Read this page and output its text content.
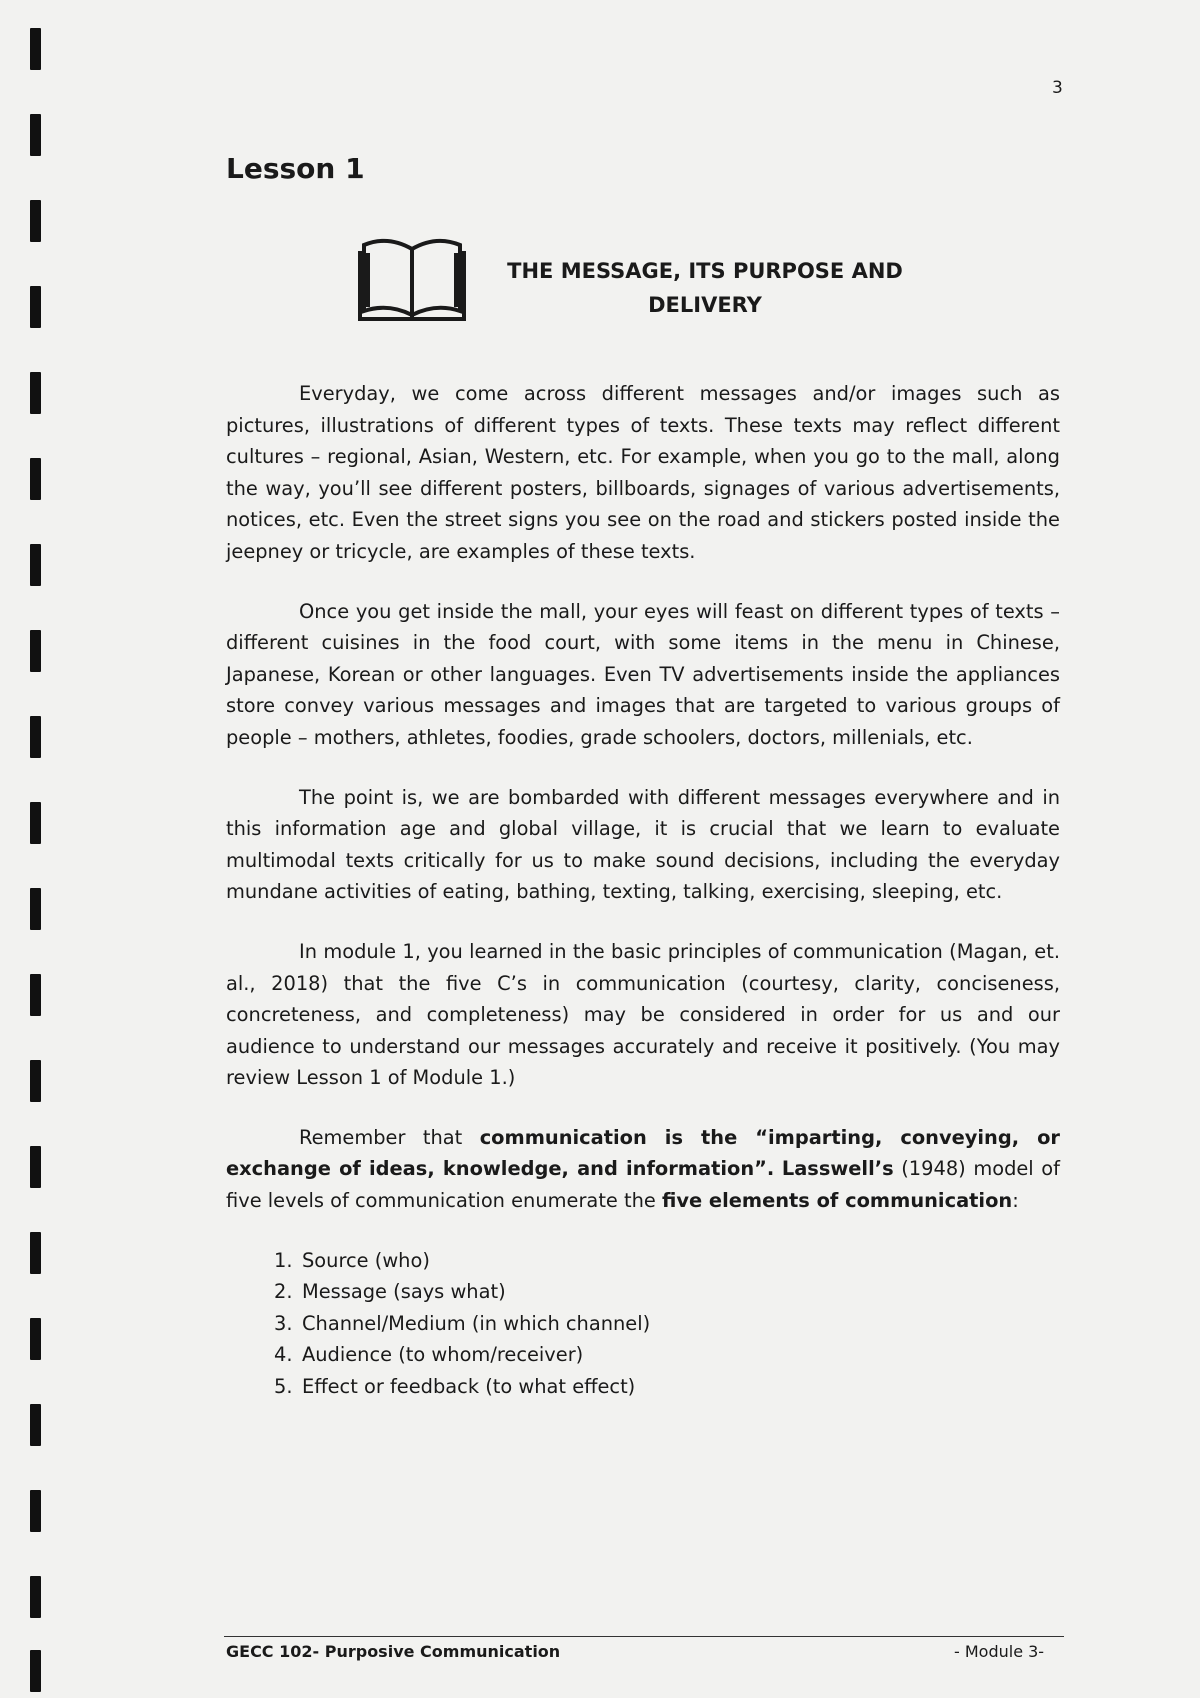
3
Lesson 1
THE MESSAGE, ITS PURPOSE AND
DELIVERY

Everyday, we come across different messages and/or images such as pictures, illustrations of different types of texts. These texts may reflect different cultures – regional, Asian, Western, etc. For example, when you go to the mall, along the way, you’ll see different posters, billboards, signages of various advertisements, notices, etc. Even the street signs you see on the road and stickers posted inside the jeepney or tricycle, are examples of these texts.

Once you get inside the mall, your eyes will feast on different types of texts – different cuisines in the food court, with some items in the menu in Chinese, Japanese, Korean or other languages. Even TV advertisements inside the appliances store convey various messages and images that are targeted to various groups of people – mothers, athletes, foodies, grade schoolers, doctors, millenials, etc.

The point is, we are bombarded with different messages everywhere and in this information age and global village, it is crucial that we learn to evaluate multimodal texts critically for us to make sound decisions, including the everyday mundane activities of eating, bathing, texting, talking, exercising, sleeping, etc.

In module 1, you learned in the basic principles of communication (Magan, et. al., 2018) that the five C’s in communication (courtesy, clarity, conciseness, concreteness, and completeness) may be considered in order for us and our audience to understand our messages accurately and receive it positively. (You may review Lesson 1 of Module 1.)

Remember that communication is the “imparting, conveying, or exchange of ideas, knowledge, and information”. Lasswell’s (1948) model of five levels of communication enumerate the five elements of communication:

1. Source (who)
2. Message (says what)
3. Channel/Medium (in which channel)
4. Audience (to whom/receiver)
5. Effect or feedback (to what effect)
GECC 102- Purposive Communication	- Module 3-
